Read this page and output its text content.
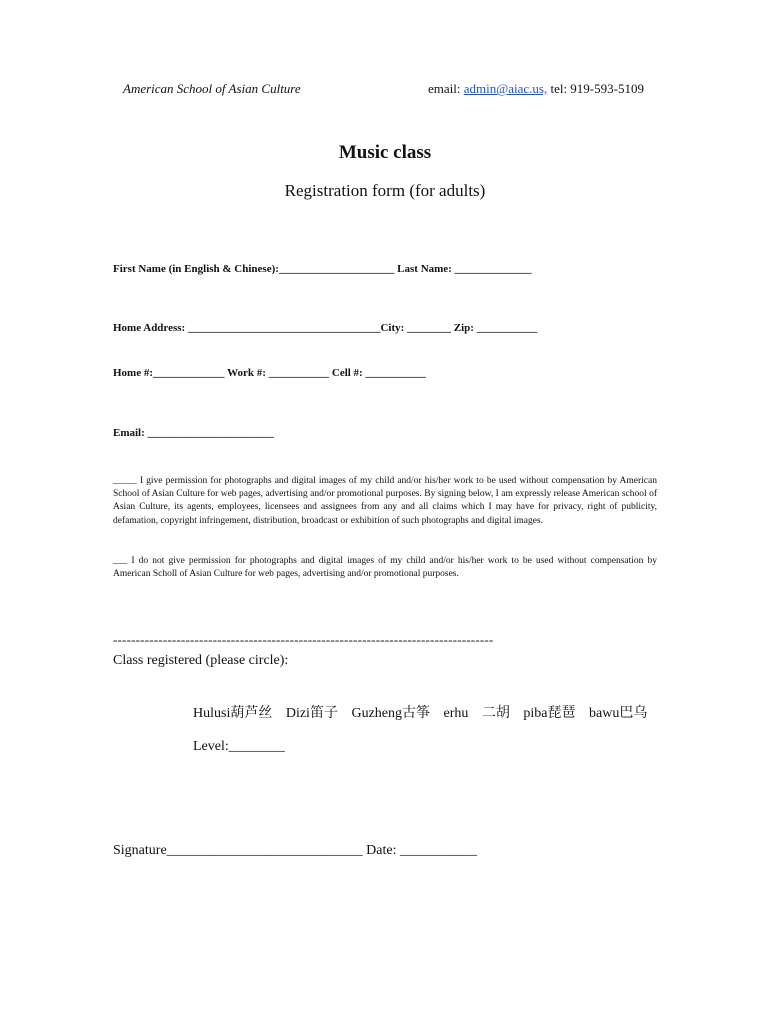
American School of Asian Culture	email: admin@aiac.us, tel: 919-593-5109
Music class
Registration form (for adults)
First Name (in English & Chinese):_____________________ Last Name: ______________
Home Address: ___________________________________City: ________ Zip: ___________
Home #:_____________ Work #: ___________ Cell #: ___________
Email: _______________________
_____ I give permission for photographs and digital images of my child and/or his/her work to be used without compensation by American School of Asian Culture for web pages, advertising and/or promotional purposes. By signing below, I am expressly release American school of Asian Culture, its agents, employees, licensees and assignees from any and all claims which I may have for privacy, right of publicity, defamation, copyright infringement, distribution, broadcast or exhibition of such photographs and digital images.
___ I do not give permission for photographs and digital images of my child and/or his/her work to be used without compensation by American Scholl of Asian Culture for web pages, advertising and/or promotional purposes.
------------------------------------------------------------------------------------
Class registered (please circle):
Hulusi葫芦丝 Dizi笛子 Guzheng古筝 erhu 二胡 piba琵琶 bawu巴乌
Level:________
Signature____________________________ Date: ___________
